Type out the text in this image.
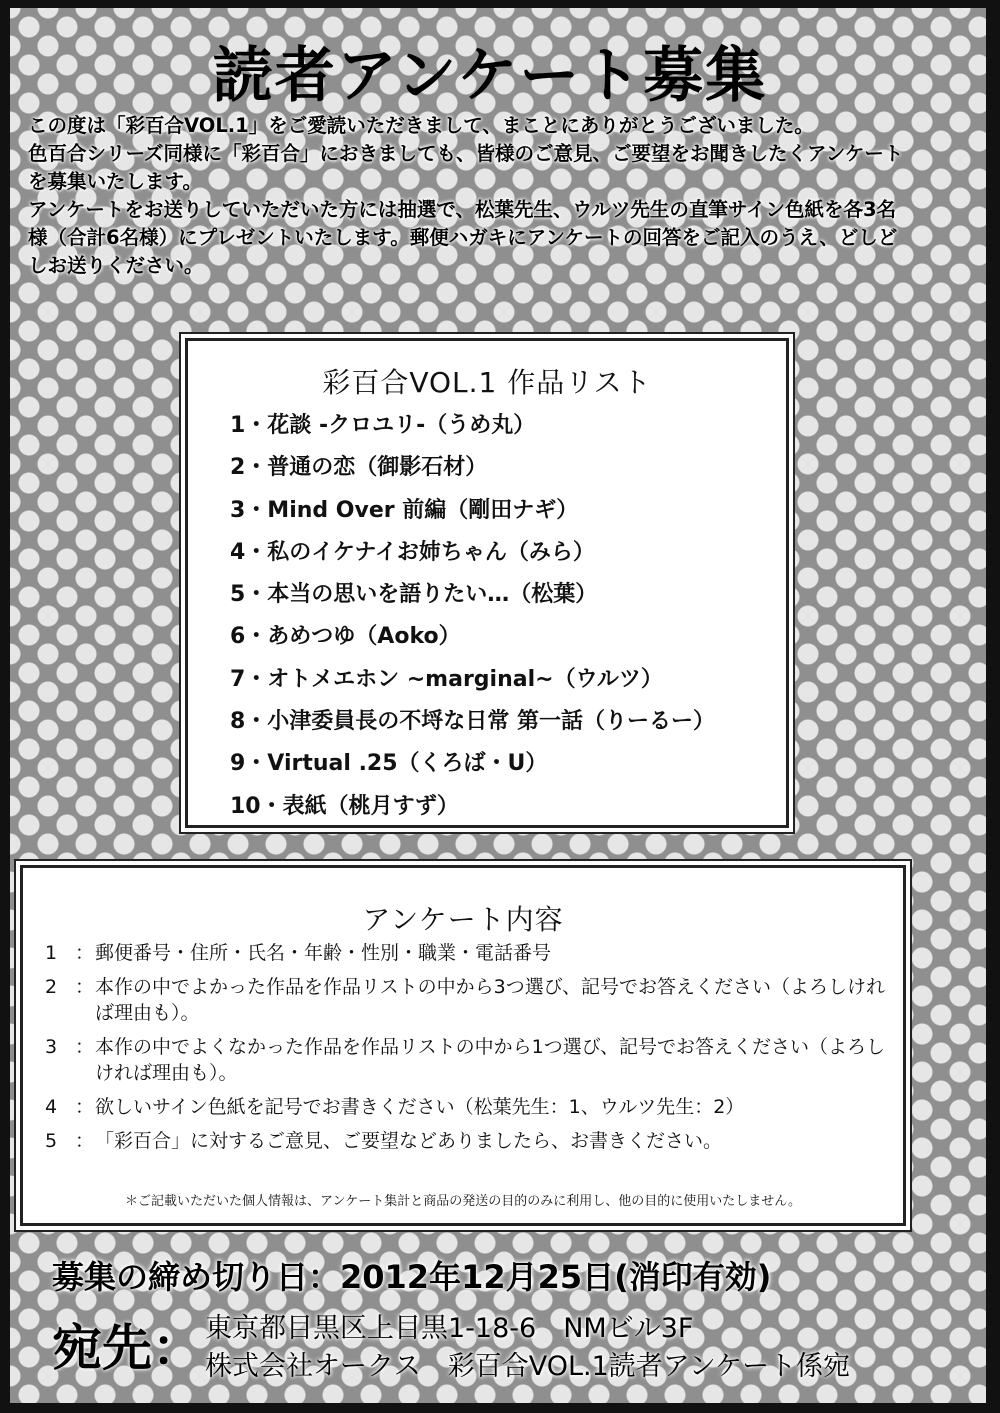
読者アンケート募集

この度は「彩百合VOL.1」をご愛読いただきまして、まことにありがとうございました。

色百合シリーズ同様に「彩百合」におきましても、皆様のご意見、ご要望をお聞きしたくアンケートを募集いたします。

アンケートをお送りしていただいた方には抽選で、松葉先生、ウルツ先生の直筆サイン色紙を各3名様（合計6名様）にプレゼントいたします。郵便ハガキにアンケートの回答をご記入のうえ、どしどしお送りください。

彩百合VOL.1 作品リスト
1・花談 -クロユリ-（うめ丸）
2・普通の恋（御影石材）
3・Mind Over 前編（剛田ナギ）
4・私のイケナイお姉ちゃん（みら）
5・本当の思いを語りたい…（松葉）
6・あめつゆ（Aoko）
7・オトメエホン ~marginal~（ウルツ）
8・小津委員長の不埒な日常 第一話（りーるー）
9・Virtual .25（くろば・U）
10・表紙（桃月すず）
アンケート内容
1 ： 郵便番号・住所・氏名・年齢・性別・職業・電話番号
2 ： 本作の中でよかった作品を作品リストの中から3つ選び、記号でお答えください（よろしければ理由も）。
3 ： 本作の中でよくなかった作品を作品リストの中から1つ選び、記号でお答えください（よろしければ理由も）。
4 ： 欲しいサイン色紙を記号でお書きください（松葉先生：1、ウルツ先生：2）
5 ： 「彩百合」に対するご意見、ご要望などありましたら、お書きください。
＊ご記載いただいた個人情報は、アンケート集計と商品の発送の目的のみに利用し、他の目的に使用いたしません。
募集の締め切り日：2012年12月25日(消印有効)
宛先： 東京都目黒区上目黒1-18-6　NMビル3F
株式会社オークス　彩百合VOL.1読者アンケート係宛
